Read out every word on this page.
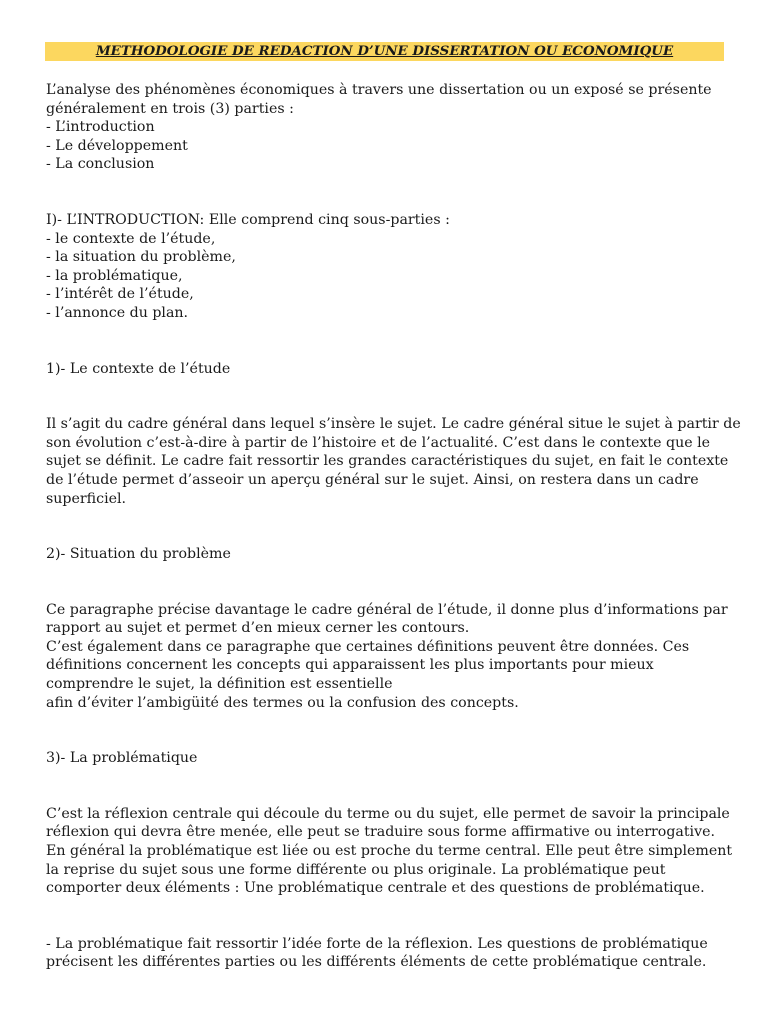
METHODOLOGIE DE REDACTION D’UNE DISSERTATION OU ECONOMIQUE
L’analyse des phénomènes économiques à travers une dissertation ou un exposé se présente
généralement en trois (3) parties :
- L’introduction
- Le développement
- La conclusion
I)- L’INTRODUCTION: Elle comprend cinq sous-parties :
- le contexte de l’étude,
- la situation du problème,
- la problématique,
- l’intérêt de l’étude,
- l’annonce du plan.
1)- Le contexte de l’étude
Il s’agit du cadre général dans lequel s’insère le sujet. Le cadre général situe le sujet à partir de
son évolution c’est-à-dire à partir de l’histoire et de l’actualité. C’est dans le contexte que le
sujet se définit. Le cadre fait ressortir les grandes caractéristiques du sujet, en fait le contexte
de l’étude permet d’asseoir un aperçu général sur le sujet. Ainsi, on restera dans un cadre
superficiel.
2)- Situation du problème
Ce paragraphe précise davantage le cadre général de l’étude, il donne plus d’informations par
rapport au sujet et permet d’en mieux cerner les contours.
C’est également dans ce paragraphe que certaines définitions peuvent être données. Ces
définitions concernent les concepts qui apparaissent les plus importants pour mieux
comprendre le sujet, la définition est essentielle
afin d’éviter l’ambigüité des termes ou la confusion des concepts.
3)- La problématique
C’est la réflexion centrale qui découle du terme ou du sujet, elle permet de savoir la principale
réflexion qui devra être menée, elle peut se traduire sous forme affirmative ou interrogative.
En général la problématique est liée ou est proche du terme central. Elle peut être simplement
la reprise du sujet sous une forme différente ou plus originale. La problématique peut
comporter deux éléments : Une problématique centrale et des questions de problématique.
- La problématique fait ressortir l’idée forte de la réflexion. Les questions de problématique
précisent les différentes parties ou les différents éléments de cette problématique centrale.
